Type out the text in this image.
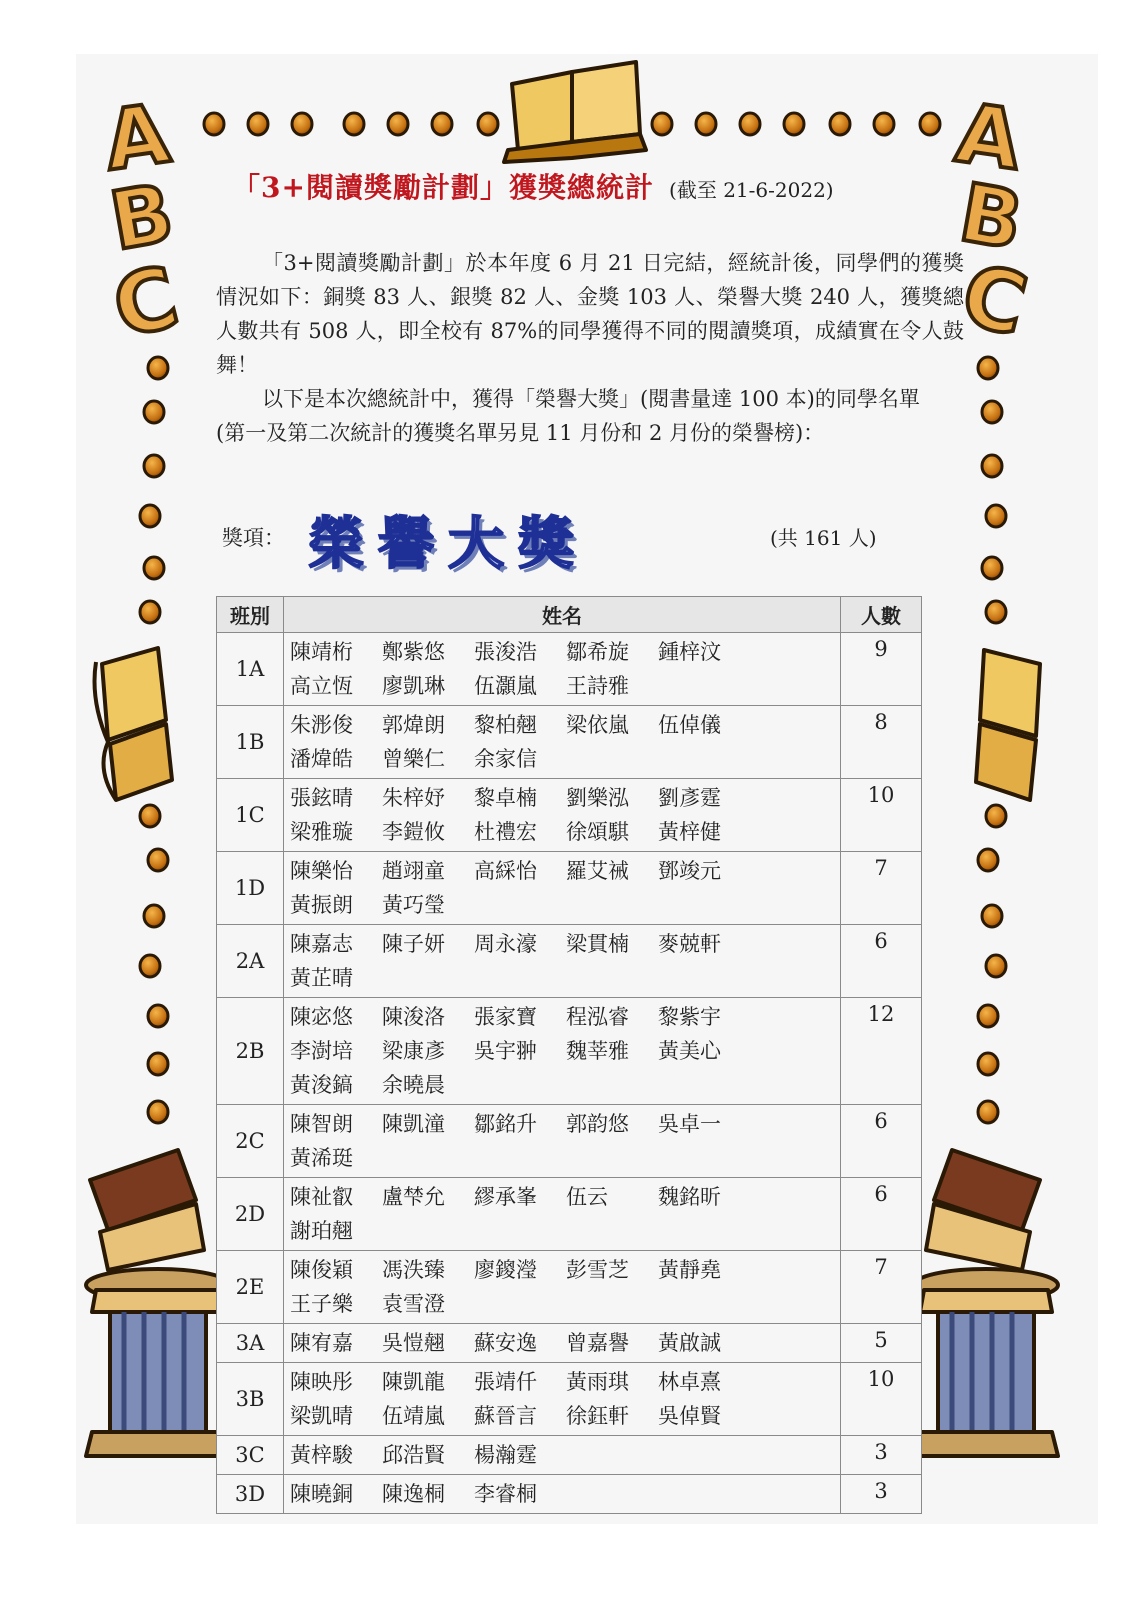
A
B
C
A
B
C
「3+閱讀獎勵計劃」獲獎總統計 (截至 21-6-2022)
「3+閱讀獎勵計劃」於本年度 6 月 21 日完結，經統計後，同學們的獲獎情況如下：銅獎 83 人、銀獎 82 人、金獎 103 人、榮譽大獎 240 人，獲獎總人數共有 508 人，即全校有 87%的同學獲得不同的閱讀獎項，成績實在令人鼓舞！
以下是本次總統計中，獲得「榮譽大獎」(閱書量達 100 本)的同學名單
(第一及第二次統計的獲獎名單另見 11 月份和 2 月份的榮譽榜)：
獎項： 榮譽大獎	(共 161 人)
班別	姓名	人數
1A	陳靖桁 鄭紫悠 張浚浩 鄒希旋 鍾梓汶高立恆 廖凱琳 伍灝嵐 王詩雅	9
1B	朱浵俊 郭煒朗 黎柏翹 梁依嵐 伍倬儀潘煒皓 曾樂仁 余家信	8
1C	張鉉晴 朱梓妤 黎卓楠 劉樂泓 劉彥霆梁雅璇 李鎧攸 杜禮宏 徐頌騏 黃梓健	10
1D	陳樂怡 趙翊童 高綵怡 羅艾祴 鄧竣元黃振朗 黃巧瑩	7
2A	陳嘉志 陳子妍 周永濠 梁貫楠 麥兢軒黃芷晴	6
2B	陳宓悠 陳浚洛 張家寶 程泓睿 黎紫宇李澍培 梁康彥 吳宇翀 魏莘雅 黃美心黃浚鎬 余曉晨	12
2C	陳智朗 陳凱潼 鄒銘升 郭韵悠 吳卓一黃浠珽	6
2D	陳祉叡 盧梺允 繆承峯 伍云 魏銘昕謝珀翹	6
2E	陳俊穎 馮泆臻 廖鎫瀅 彭雪芝 黃靜堯王子樂 袁雪澄	7
3A	陳宥嘉 吳愷翹 蘇安逸 曾嘉譽 黃啟誠	5
3B	陳映彤 陳凱龍 張靖仟 黃雨琪 林卓熹梁凱晴 伍靖嵐 蘇晉言 徐鈺軒 吳倬賢	10
3C	黃梓駿 邱浩賢 楊瀚霆	3
3D	陳曉銅 陳逸桐 李睿桐	3
